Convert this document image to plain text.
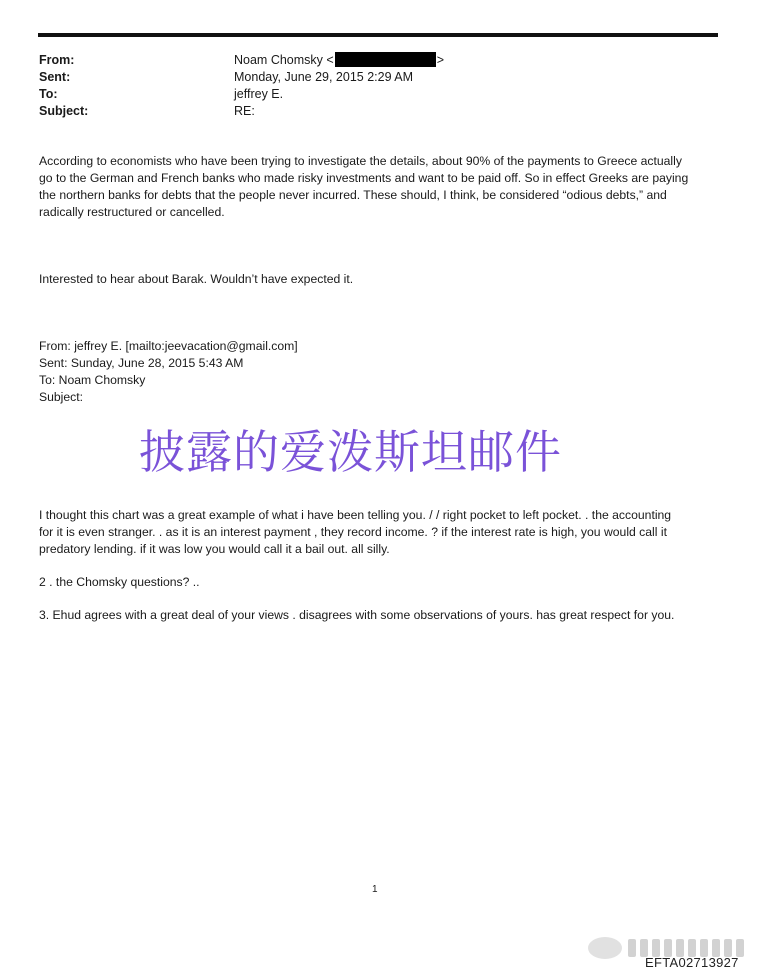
From:	Noam Chomsky <	>
Sent:	Monday, June 29, 2015 2:29 AM
To:	jeffrey E.
Subject:	RE:
According to economists who have been trying to investigate the details, about 90% of the payments to Greece actually
go to the German and French banks who made risky investments and want to be paid off. So in effect Greeks are paying
the northern banks for debts that the people never incurred. These should, I think, be considered “odious debts,” and
radically restructured or cancelled.
Interested to hear about Barak. Wouldn’t have expected it.
From: jeffrey E. [mailto:jeevacation@gmail.com]
Sent: Sunday, June 28, 2015 5:43 AM
To: Noam Chomsky
Subject:
披露的爱泼斯坦邮件
I thought this chart was a great example of what i have been telling you. / / right pocket to left pocket. . the accounting
for it is even stranger. . as it is an interest payment , they record income. ? if the interest rate is high, you would call it
predatory lending. if it was low you would call it a bail out. all silly.
2 . the Chomsky questions? ..
3. Ehud agrees with a great deal of your views . disagrees with some observations of yours. has great respect for you.
1
EFTA02713927
